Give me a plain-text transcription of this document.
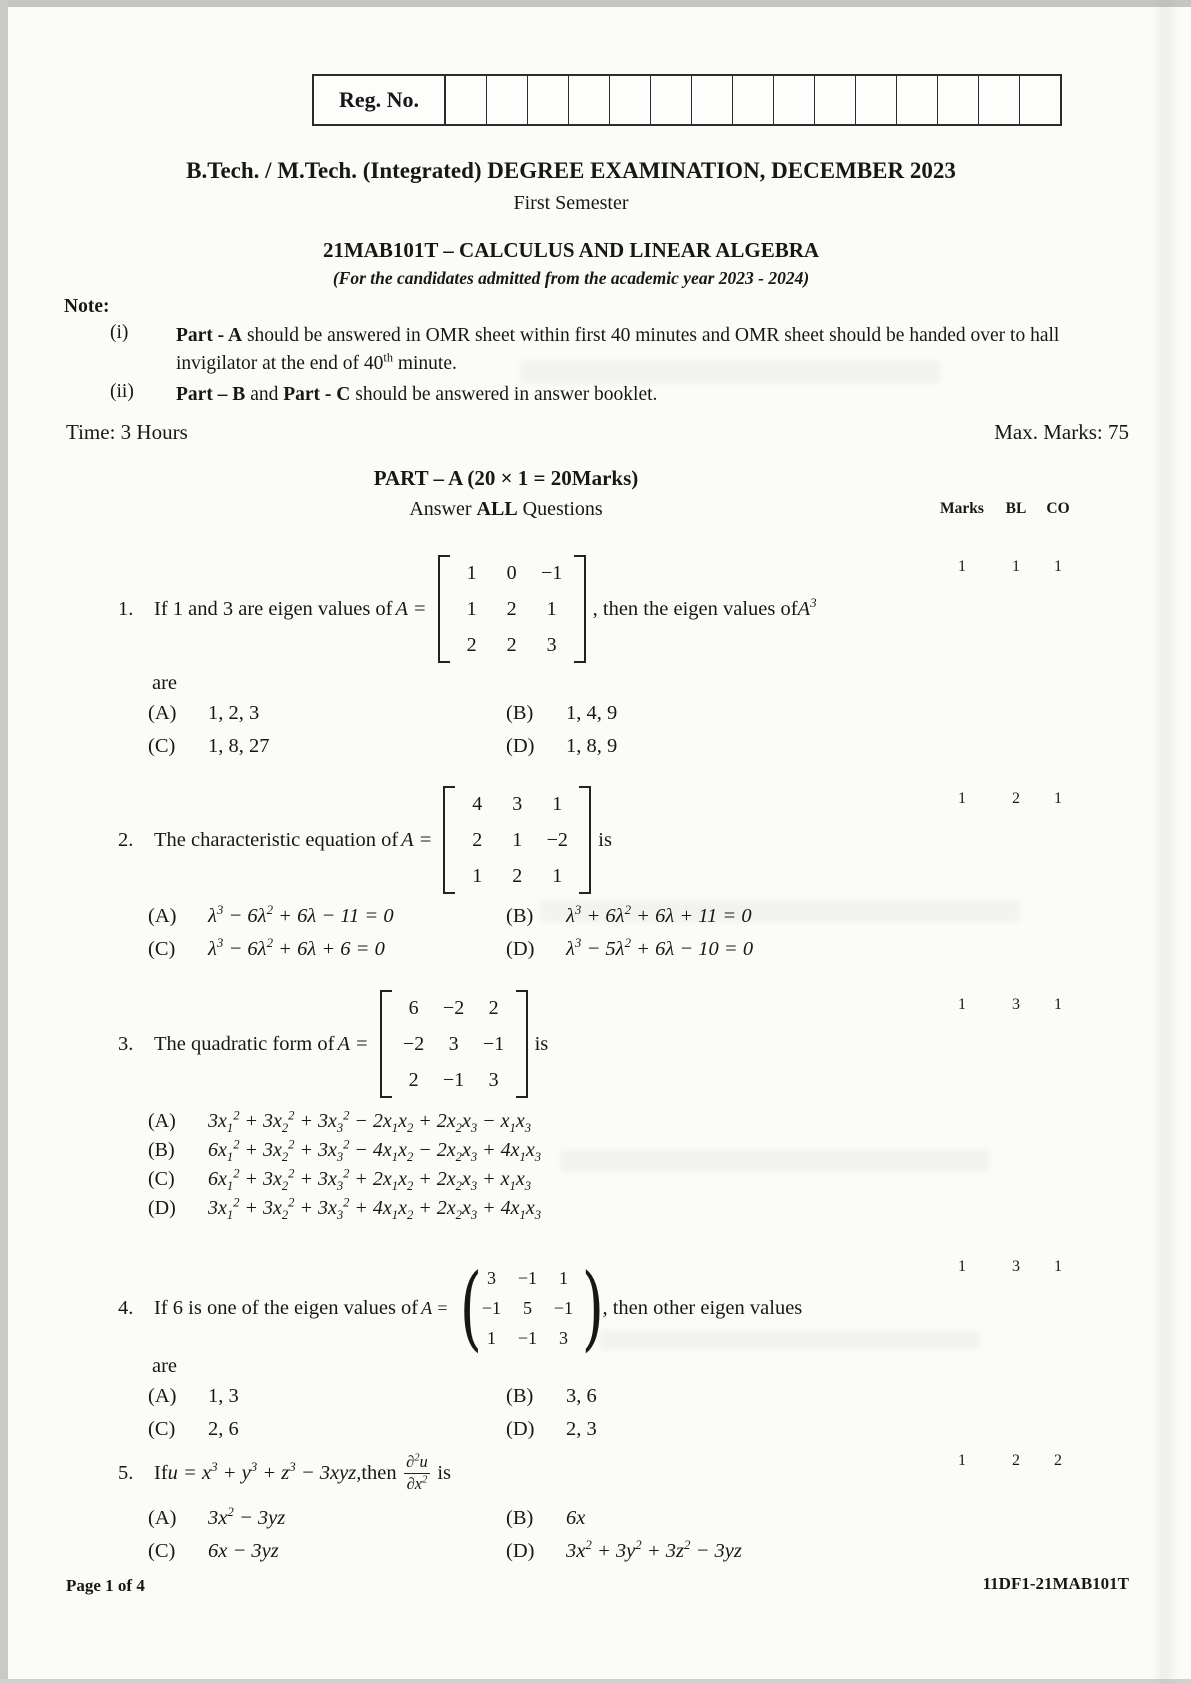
Reg. No.
B.Tech. / M.Tech. (Integrated) DEGREE EXAMINATION, DECEMBER 2023
First Semester
21MAB101T – CALCULUS AND LINEAR ALGEBRA
(For the candidates admitted from the academic year 2023 - 2024)
Note:
(i)	Part - A should be answered in OMR sheet within first 40 minutes and OMR sheet should be handed over to hall invigilator at the end of 40th minute.
(ii)	Part – B and Part - C should be answered in answer booklet.
Time: 3 Hours	Max. Marks: 75
PART – A (20 × 1 = 20Marks)
Answer ALL Questions	Marks	BL	CO
1	1	1
1.	If 1 and 3 are eigen values of A =
1	0	−1
1	2	1
2	2	3
, then the eigen values of $A^3$
are
(A)	1, 2, 3	(B)	1, 4, 9
(C)	1, 8, 27	(D)	1, 8, 9
1	2	1
2.	The characteristic equation of A =
4	3	1
2	1	−2
1	2	1
is
(A)	$\lambda^3 - 6\lambda^2 + 6\lambda - 11 = 0$	(B)	$\lambda^3 + 6\lambda^2 + 6\lambda + 11 = 0$
(C)	$\lambda^3 - 6\lambda^2 + 6\lambda + 6 = 0$	(D)	$\lambda^3 - 5\lambda^2 + 6\lambda - 10 = 0$
1	3	1
3.	The quadratic form of A =
6	−2	2
−2	3	−1
2	−1	3
is
(A)	$3x_1^2 + 3x_2^2 + 3x_3^2 - 2x_1x_2 + 2x_2x_3 - x_1x_3$
(B)	$6x_1^2 + 3x_2^2 + 3x_3^2 - 4x_1x_2 - 2x_2x_3 + 4x_1x_3$
(C)	$6x_1^2 + 3x_2^2 + 3x_3^2 + 2x_1x_2 + 2x_2x_3 + x_1x_3$
(D)	$3x_1^2 + 3x_2^2 + 3x_3^2 + 4x_1x_2 + 2x_2x_3 + 4x_1x_3$
1	3	1
4.	If 6 is one of the eigen values of A = ( 3	−1	1
−1	5	−1
1	−1	3 )
, then other eigen values
are
(A)	1, 3	(B)	3, 6
(C)	2, 6	(D)	2, 3
1	2	2
5.	If $u = x^3 + y^3 + z^3 - 3xyz$, then $\frac{\partial^2u}{\partial x^2}$ is
(A)	$3x^2 - 3yz$	(B)	6x
(C)	6x − 3yz	(D)	$3x^2 + 3y^2 + 3z^2 - 3yz$
Page 1 of 4	11DF1-21MAB101T
